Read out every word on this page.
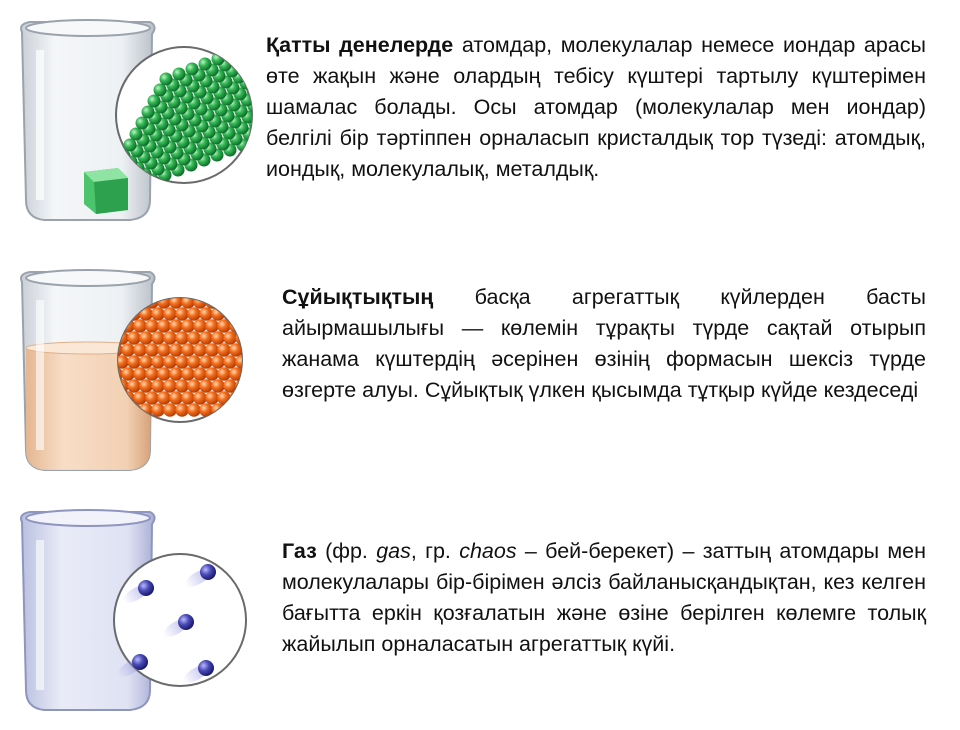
Қатты денелерде атомдар, молекулалар немесе иондар арасы өте жақын және олардың тебісу күштері тартылу күштерімен шамалас болады. Осы атомдар (молекулалар мен иондар) белгілі бір тәртіппен орналасып кристалдық тор түзеді: атомдық, иондық, молекулалық, металдық.

Сұйықтықтың басқа агрегаттық күйлерден басты айырмашылығы — көлемін тұрақты түрде сақтай отырып жанама күштердің әсерінен өзінің формасын шексіз түрде өзгерте алуы. Сұйықтық үлкен қысымда тұтқыр күйде кездеседі

Газ (фр. gas, гр. chaos – бей-берекет) – заттың атомдары мен молекулалары бір-бірімен әлсіз байланысқандықтан, кез келген бағытта еркін қозғалатын және өзіне берілген көлемге толық жайылып орналасатын агрегаттық күйі.
